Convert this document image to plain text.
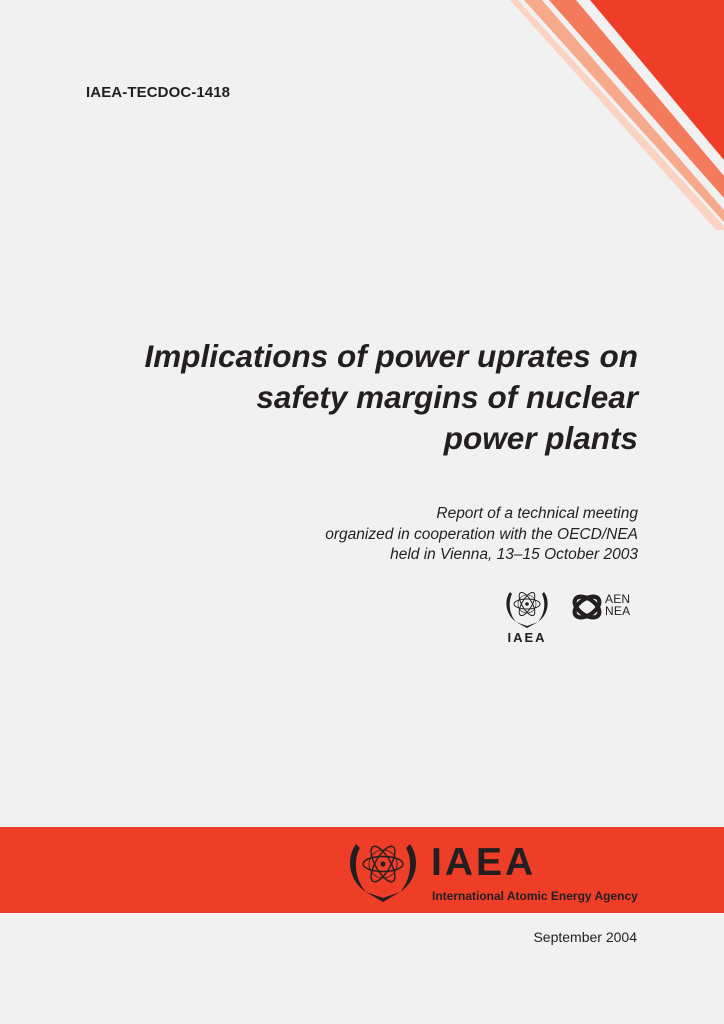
IAEA-TECDOC-1418
Implications of power uprates on
safety margins of nuclear
power plants
Report of a technical meeting
organized in cooperation with the OECD/NEA
held in Vienna, 13–15 October 2003
IAEA
AEN
NEA
IAEA
International Atomic Energy Agency
September 2004
